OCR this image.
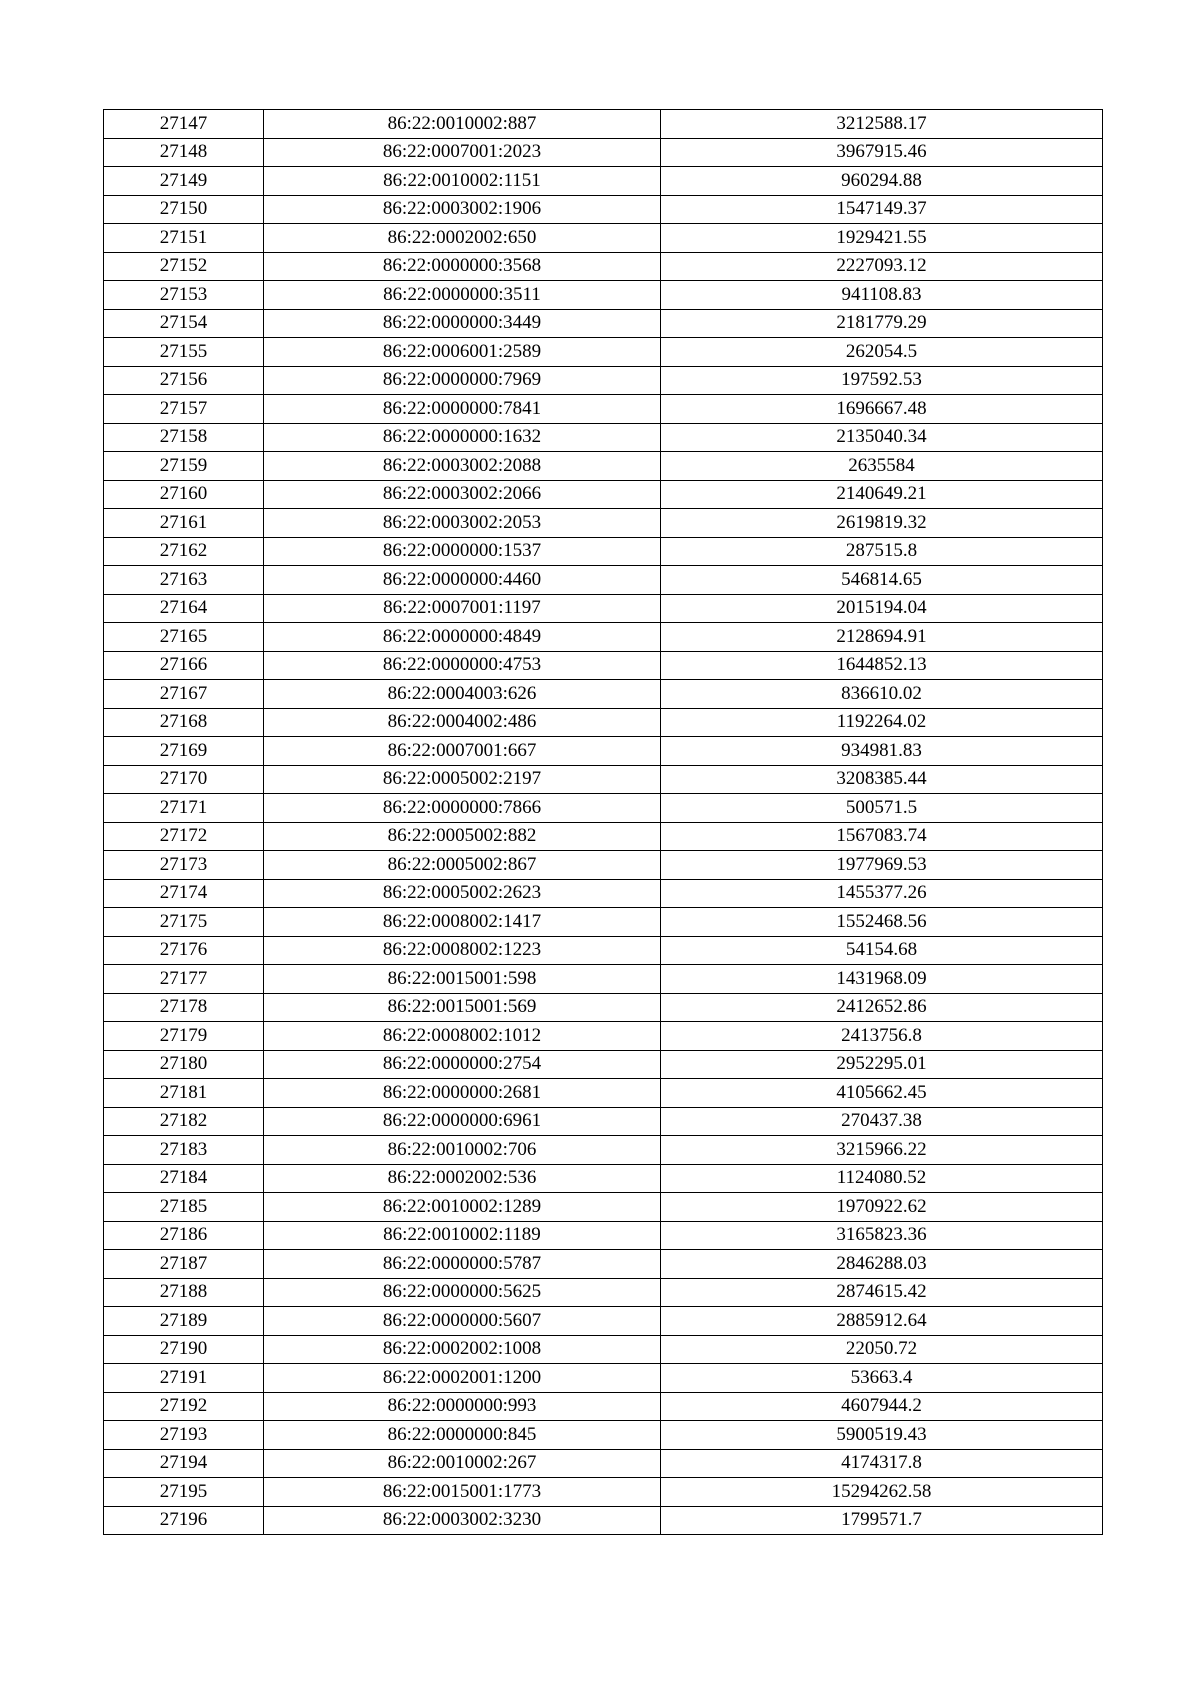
27147	86:22:0010002:887	3212588.17
27148	86:22:0007001:2023	3967915.46
27149	86:22:0010002:1151	960294.88
27150	86:22:0003002:1906	1547149.37
27151	86:22:0002002:650	1929421.55
27152	86:22:0000000:3568	2227093.12
27153	86:22:0000000:3511	941108.83
27154	86:22:0000000:3449	2181779.29
27155	86:22:0006001:2589	262054.5
27156	86:22:0000000:7969	197592.53
27157	86:22:0000000:7841	1696667.48
27158	86:22:0000000:1632	2135040.34
27159	86:22:0003002:2088	2635584
27160	86:22:0003002:2066	2140649.21
27161	86:22:0003002:2053	2619819.32
27162	86:22:0000000:1537	287515.8
27163	86:22:0000000:4460	546814.65
27164	86:22:0007001:1197	2015194.04
27165	86:22:0000000:4849	2128694.91
27166	86:22:0000000:4753	1644852.13
27167	86:22:0004003:626	836610.02
27168	86:22:0004002:486	1192264.02
27169	86:22:0007001:667	934981.83
27170	86:22:0005002:2197	3208385.44
27171	86:22:0000000:7866	500571.5
27172	86:22:0005002:882	1567083.74
27173	86:22:0005002:867	1977969.53
27174	86:22:0005002:2623	1455377.26
27175	86:22:0008002:1417	1552468.56
27176	86:22:0008002:1223	54154.68
27177	86:22:0015001:598	1431968.09
27178	86:22:0015001:569	2412652.86
27179	86:22:0008002:1012	2413756.8
27180	86:22:0000000:2754	2952295.01
27181	86:22:0000000:2681	4105662.45
27182	86:22:0000000:6961	270437.38
27183	86:22:0010002:706	3215966.22
27184	86:22:0002002:536	1124080.52
27185	86:22:0010002:1289	1970922.62
27186	86:22:0010002:1189	3165823.36
27187	86:22:0000000:5787	2846288.03
27188	86:22:0000000:5625	2874615.42
27189	86:22:0000000:5607	2885912.64
27190	86:22:0002002:1008	22050.72
27191	86:22:0002001:1200	53663.4
27192	86:22:0000000:993	4607944.2
27193	86:22:0000000:845	5900519.43
27194	86:22:0010002:267	4174317.8
27195	86:22:0015001:1773	15294262.58
27196	86:22:0003002:3230	1799571.7
